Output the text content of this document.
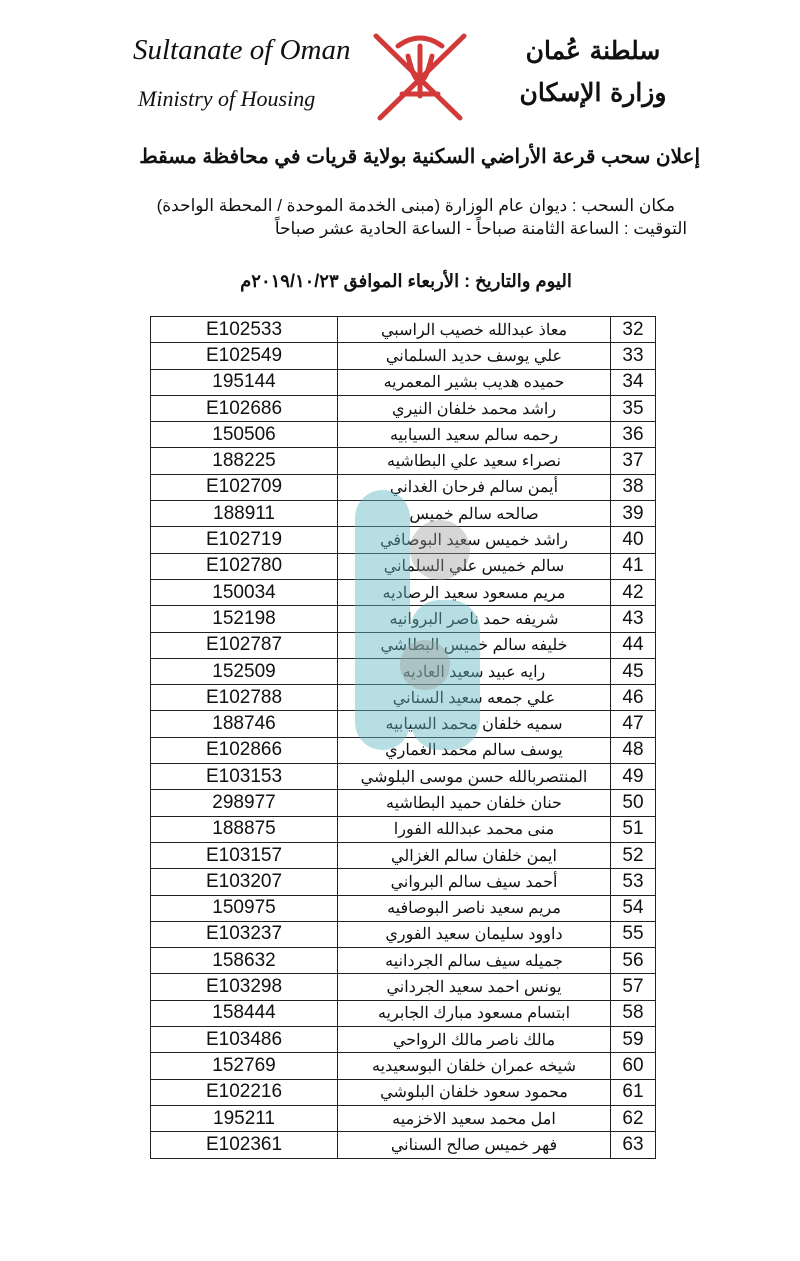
Sultanate of Oman
Ministry of Housing
سلطنة عُمان
وزارة الإسكان
إعلان سحب قرعة الأراضي السكنية بولاية قريات في محافظة مسقط
مكان السحب : ديوان عام الوزارة (مبنى الخدمة الموحدة / المحطة الواحدة)
التوقيت : الساعة الثامنة صباحاً - الساعة الحادية عشر صباحاً
اليوم والتاريخ : الأربعاء الموافق ٢٠١٩/١٠/٢٣م
32	معاذ عبدالله خصيب الراسبي	E102533
33	علي يوسف حديد السلماني	E102549
34	حميده هديب بشير المعمريه	195144
35	راشد محمد خلفان النيري	E102686
36	رحمه سالم سعيد السيابيه	150506
37	نصراء سعيد علي البطاشيه	188225
38	أيمن سالم فرحان الغداني	E102709
39	صالحه سالم خميس	188911
40	راشد خميس سعيد البوصافي	E102719
41	سالم خميس علي السلماني	E102780
42	مريم مسعود سعيد الرصاديه	150034
43	شريفه حمد ناصر البروانيه	152198
44	خليفه سالم خميس البطاشي	E102787
45	رايه عبيد سعيد العاديه	152509
46	علي جمعه سعيد السناني	E102788
47	سميه خلفان محمد السيابيه	188746
48	يوسف سالم محمد الغماري	E102866
49	المنتصربالله حسن موسى البلوشي	E103153
50	حنان خلفان حميد البطاشيه	298977
51	منى محمد عبدالله الفورا	188875
52	ايمن خلفان سالم الغزالي	E103157
53	أحمد سيف سالم البرواني	E103207
54	مريم سعيد ناصر البوصافيه	150975
55	داوود سليمان سعيد الفوري	E103237
56	جميله سيف سالم الجردانيه	158632
57	يونس احمد سعيد الجرداني	E103298
58	ابتسام مسعود مبارك الجابريه	158444
59	مالك ناصر مالك الرواحي	E103486
60	شيخه عمران خلفان البوسعيديه	152769
61	محمود سعود خلفان البلوشي	E102216
62	امل محمد سعيد الاخزميه	195211
63	فهر خميس صالح السناني	E102361
